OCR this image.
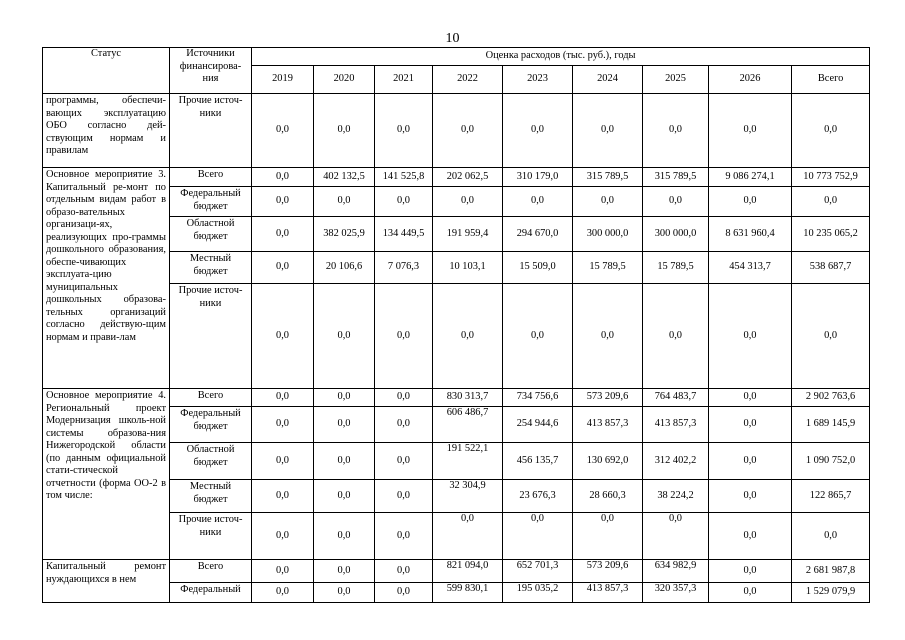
10
Статус	Источники финансирова-ния	Оценка расходов (тыс. руб.), годы								
		2019	2020	2021	2022	2023	2024	2025	2026	Всего
программы, обеспечи-вающих эксплуатацию ОБО согласно дей-ствующим нормам и правилам	Прочие источ-ники	0,0	0,0	0,0	0,0	0,0	0,0	0,0	0,0	0,0
Основное мероприятие 3. Капитальный ре-монт по отдельным видам работ в образо-вательных организаци-ях, реализующих про-граммы дошкольного образования, обеспе-чивающих эксплуата-цию муниципальных дошкольных образова-тельных организаций согласно действую-щим нормам и прави-лам	Всего	0,0	402 132,5	141 525,8	202 062,5	310 179,0	315 789,5	315 789,5	9 086 274,1	10 773 752,9
	Федеральный бюджет	0,0	0,0	0,0	0,0	0,0	0,0	0,0	0,0	0,0
	Областной бюджет	0,0	382 025,9	134 449,5	191 959,4	294 670,0	300 000,0	300 000,0	8 631 960,4	10 235 065,2
	Местный бюджет	0,0	20 106,6	7 076,3	10 103,1	15 509,0	15 789,5	15 789,5	454 313,7	538 687,7
	Прочие источ-ники	0,0	0,0	0,0	0,0	0,0	0,0	0,0	0,0	0,0
Основное мероприятие 4. Региональный проект Модернизация школь-ной системы образова-ния Нижегородской области (по данным официальной стати-стической отчетности (форма ОО-2 в том числе:	Всего	0,0	0,0	0,0	830 313,7	734 756,6	573 209,6	764 483,7	0,0	2 902 763,6
	Федеральный бюджет	0,0	0,0	0,0	606 486,7	254 944,6	413 857,3	413 857,3	0,0	1 689 145,9
	Областной бюджет	0,0	0,0	0,0	191 522,1	456 135,7	130 692,0	312 402,2	0,0	1 090 752,0
	Местный бюджет	0,0	0,0	0,0	32 304,9	23 676,3	28 660,3	38 224,2	0,0	122 865,7
	Прочие источ-ники	0,0	0,0	0,0	0,0	0,0	0,0	0,0	0,0	0,0
Капитальный ремонт нуждающихся в нем	Всего	0,0	0,0	0,0	821 094,0	652 701,3	573 209,6	634 982,9	0,0	2 681 987,8
	Федеральный	0,0	0,0	0,0	599 830,1	195 035,2	413 857,3	320 357,3	0,0	1 529 079,9
